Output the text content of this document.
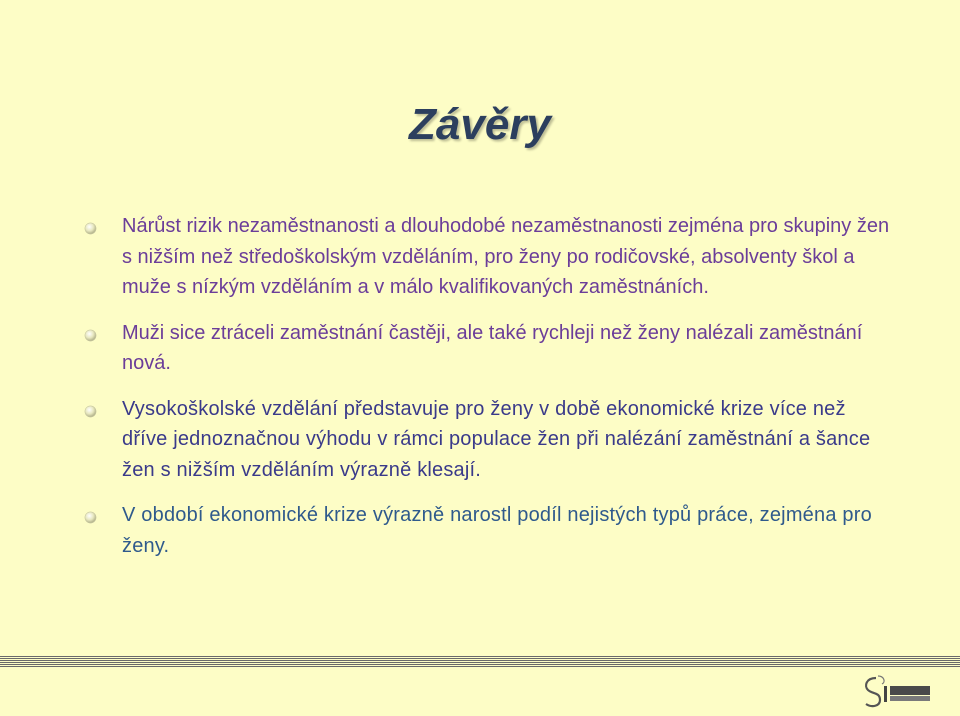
Závěry
Nárůst rizik nezaměstnanosti a dlouhodobé nezaměstnanosti zejména pro skupiny žen s nižším než středoškolským vzděláním, pro ženy po rodičovské, absolventy škol a muže s nízkým vzděláním a v málo kvalifikovaných zaměstnáních.
Muži sice ztráceli zaměstnání častěji, ale také rychleji než ženy nalézali zaměstnání nová.
Vysokoškolské vzdělání představuje pro ženy v době ekonomické krize více než dříve jednoznačnou výhodu v rámci populace žen při nalézání zaměstnání a šance žen s nižším vzděláním výrazně klesají.
V období ekonomické krize výrazně narostl podíl nejistých typů práce, zejména pro ženy.
